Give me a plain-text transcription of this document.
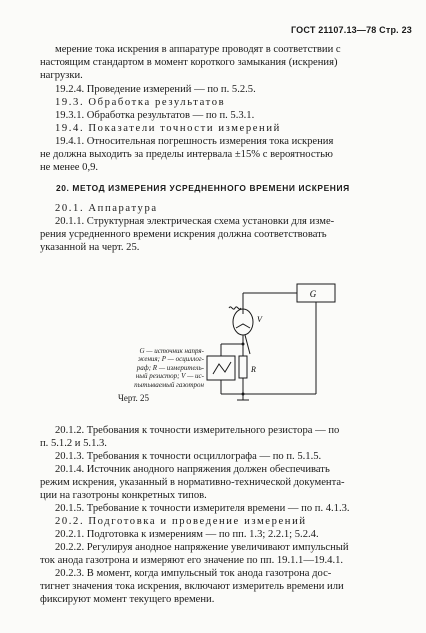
ГОСТ 21107.13—78 Стр. 23
мерение тока искрения в аппаратуре проводят в соответствии с
настоящим стандартом в момент короткого замыкания (искрения)
нагрузки.
19.2.4. Проведение измерений — по п. 5.2.5.
19.3. Обработка результатов
19.3.1. Обработка результатов — по п. 5.3.1.
19.4. Показатели точности измерений
19.4.1. Относительная погрешность измерения тока искрения
не должна выходить за пределы интервала ±15% с вероятностью
не менее 0,9.
20. МЕТОД ИЗМЕРЕНИЯ УСРЕДНЕННОГО ВРЕМЕНИ ИСКРЕНИЯ
20.1. Аппаратура
20.1.1. Структурная электрическая схема установки для изме-
рения усредненного времени искрения должна соответствовать
указанной на черт. 25.
G
V
R
G — источник напря-
жения; P — осциллог-
раф; R — измеритель-
ный резистор; V — ис-
пытываемый газотрон
Черт. 25
20.1.2. Требования к точности измерительного резистора — по
п. 5.1.2 и 5.1.3.
20.1.3. Требования к точности осциллографа — по п. 5.1.5.
20.1.4. Источник анодного напряжения должен обеспечивать
режим искрения, указанный в нормативно-технической документа-
ции на газотроны конкретных типов.
20.1.5. Требование к точности измерителя времени — по п. 4.1.3.
20.2. Подготовка и проведение измерений
20.2.1. Подготовка к измерениям — по пп. 1.3; 2.2.1; 5.2.4.
20.2.2. Регулируя анодное напряжение увеличивают импульсный
ток анода газотрона и измеряют его значение по пп. 19.1.1—19.4.1.
20.2.3. В момент, когда импульсный ток анода газотрона дос-
тигнет значения тока искрения, включают измеритель времени или
фиксируют момент текущего времени.
